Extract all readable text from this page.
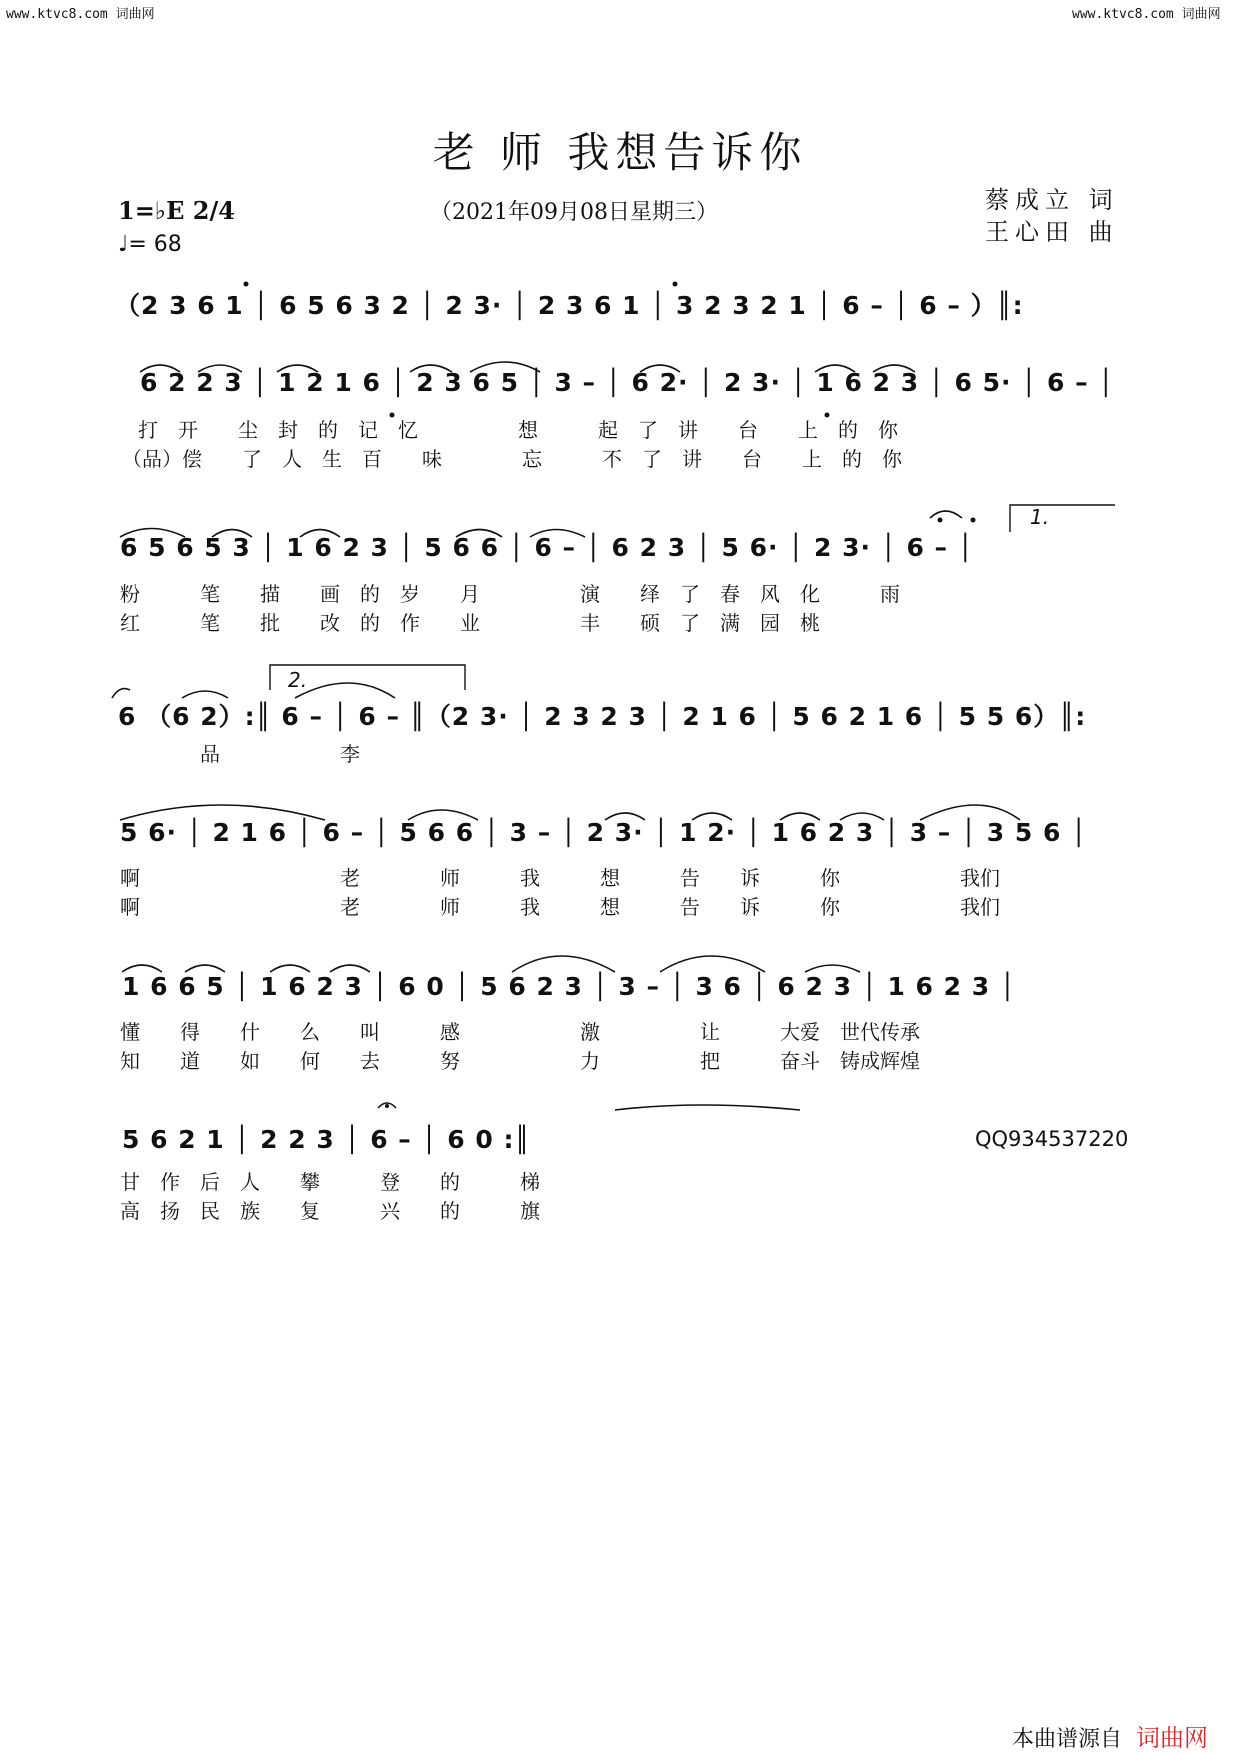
www.ktvc8.com 词曲网	www.ktvc8.com 词曲网
老 师 我想告诉你
（2021年09月08日星期三）	蔡成立 词
王心田 曲
1=♭E 2/4
♩= 68
（2 3 6 1 │ 6 5 6 3 2 │ 2 3· │ 2 3 6 1 │ 3 2 3 2 1 │ 6 – │ 6 – ）║:
6 2 2 3 │ 1 2 1 6 │ 2 3 6 5 │ 3 – │ 6 2· │ 2 3· │ 1 6 2 3 │ 6 5· │ 6 – │
打　开　　尘　封　的　记　忆　　　　　想　　　起　了　讲　　台　　上　的　你
（品）偿　　了　人　生　百　　味　　　　忘　　　不　了　讲　　台　　上　的　你
6 5 6 5 3 │ 1 6 2 3 │ 5 6 6 │ 6 – │ 6 2 3 │ 5 6· │ 2 3· │ 6 – │
1.
粉　　　笔　　描　　画　的　岁　　月　　　　　演　　绎　了　春　风　化　　　雨
红　　　笔　　批　　改　的　作　　业　　　　　丰　　硕　了　满　园　桃
6 （6 2）:║ 6 – │ 6 – ║（2 3· │ 2 3 2 3 │ 2 1 6 │ 5 6 2 1 6 │ 5 5 6）║:
2.
　　　　品　　　　　　李
5 6· │ 2 1 6 │ 6 – │ 5 6 6 │ 3 – │ 2 3· │ 1 2· │ 1 6 2 3 │ 3 – │ 3 5 6 │
啊　　　　　　　　　　老　　　　师　　　我　　　想　　　告　　诉　　　你　　　　　　我们
啊　　　　　　　　　　老　　　　师　　　我　　　想　　　告　　诉　　　你　　　　　　我们
1 6 6 5 │ 1 6 2 3 │ 6 0 │ 5 6 2 3 │ 3 – │ 3 6 │ 6 2 3 │ 1 6 2 3 │
懂　　得　　什　　么　　叫　　　感　　　　　　激　　　　　让　　　大爱　世代传承
知　　道　　如　　何　　去　　　努　　　　　　力　　　　　把　　　奋斗　铸成辉煌
5 6 2 1 │ 2 2 3 │ 6 – │ 6 0 :║	QQ934537220
甘　作　后　人　　攀　　　登　　的　　　梯
高　扬　民　族　　复　　　兴　　的　　　旗
本曲谱源自 词曲网
